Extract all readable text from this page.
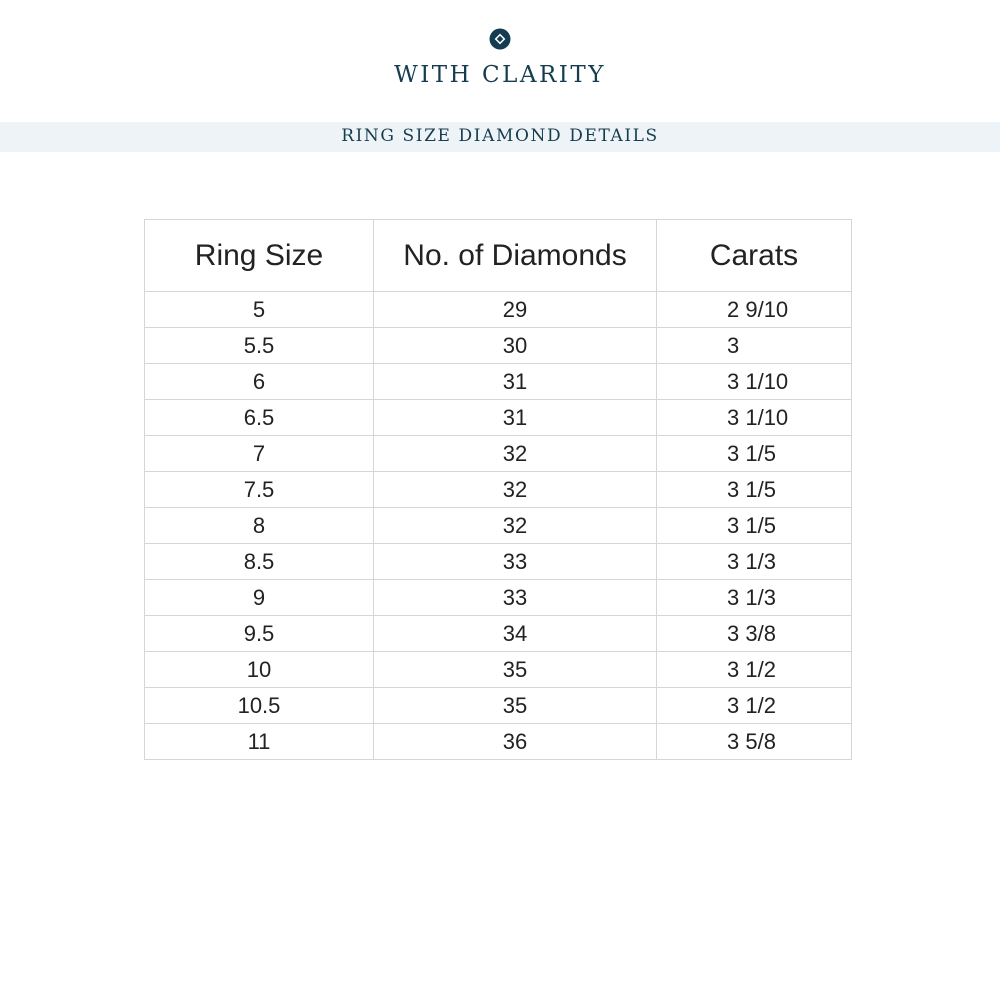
WITH CLARITY
RING SIZE DIAMOND DETAILS
Ring Size	No. of Diamonds	Carats
5	29	2 9/10
5.5	30	3
6	31	3 1/10
6.5	31	3 1/10
7	32	3 1/5
7.5	32	3 1/5
8	32	3 1/5
8.5	33	3 1/3
9	33	3 1/3
9.5	34	3 3/8
10	35	3 1/2
10.5	35	3 1/2
11	36	3 5/8
